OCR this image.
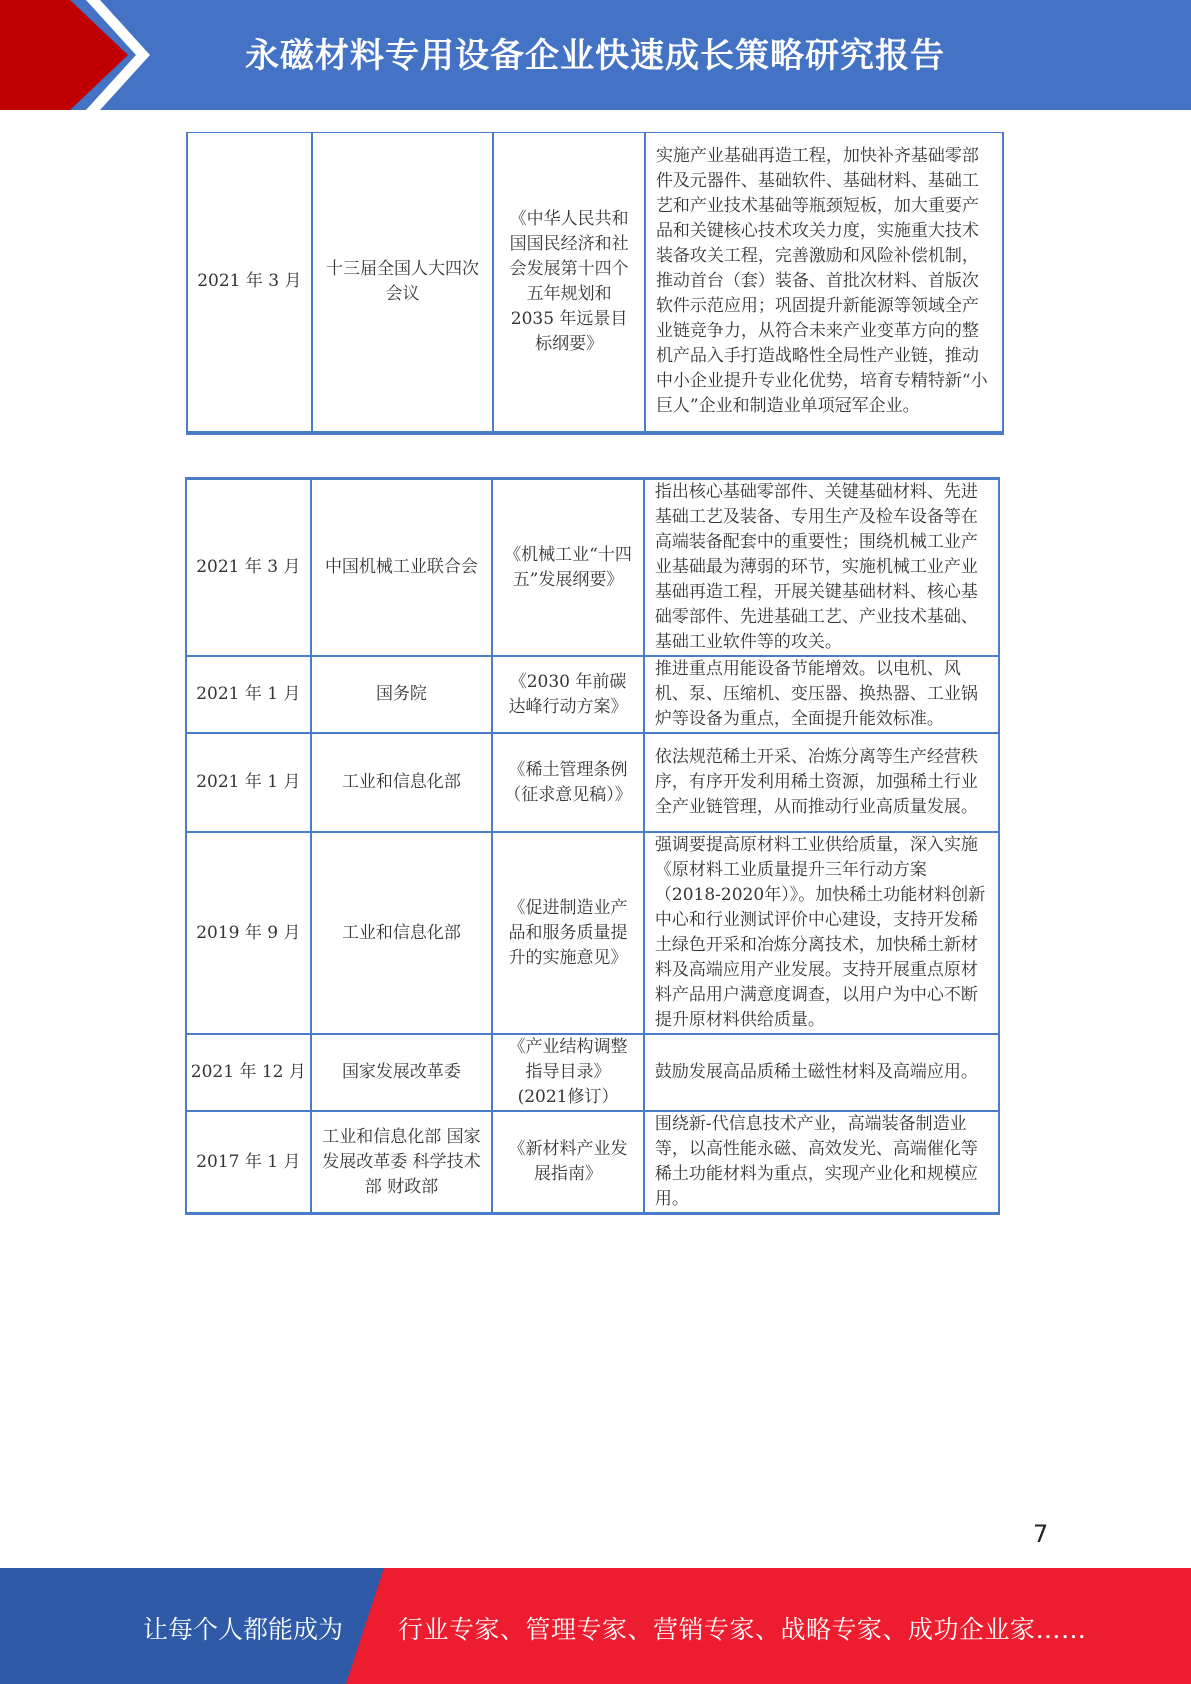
永磁材料专用设备企业快速成长策略研究报告
2021 年 3 月	十三届全国人大四次会议	《中华人民共和国国民经济和社会发展第十四个五年规划和 2035 年远景目标纲要》	实施产业基础再造工程，加快补齐基础零部件及元器件、基础软件、基础材料、基础工艺和产业技术基础等瓶颈短板，加大重要产品和关键核心技术攻关力度，实施重大技术装备攻关工程，完善激励和风险补偿机制，推动首台（套）装备、首批次材料、首版次软件示范应用；巩固提升新能源等领域全产业链竞争力，从符合未来产业变革方向的整机产品入手打造战略性全局性产业链，推动中小企业提升专业化优势，培育专精特新“小巨人”企业和制造业单项冠军企业。
2021 年 3 月	中国机械工业联合会	《机械工业“十四五”发展纲要》	指出核心基础零部件、关键基础材料、先进基础工艺及装备、专用生产及检车设备等在高端装备配套中的重要性；围绕机械工业产业基础最为薄弱的环节，实施机械工业产业基础再造工程，开展关键基础材料、核心基础零部件、先进基础工艺、产业技术基础、基础工业软件等的攻关。
2021 年 1 月	国务院	《2030 年前碳达峰行动方案》	推进重点用能设备节能增效。以电机、风机、泵、压缩机、变压器、换热器、工业锅炉等设备为重点，全面提升能效标准。
2021 年 1 月	工业和信息化部	《稀土管理条例（征求意见稿）》	依法规范稀土开采、冶炼分离等生产经营秩序，有序开发利用稀土资源，加强稀土行业全产业链管理，从而推动行业高质量发展。
2019 年 9 月	工业和信息化部	《促进制造业产品和服务质量提升的实施意见》	强调要提高原材料工业供给质量，深入实施《原材料工业质量提升三年行动方案（2018-2020年）》。加快稀土功能材料创新中心和行业测试评价中心建设，支持开发稀土绿色开采和冶炼分离技术，加快稀土新材料及高端应用产业发展。支持开展重点原材料产品用户满意度调查，以用户为中心不断提升原材料供给质量。
2021 年 12 月	国家发展改革委	《产业结构调整指导目录》(2021修订）	鼓励发展高品质稀土磁性材料及高端应用。
2017 年 1 月	工业和信息化部 国家发展改革委 科学技术部 财政部	《新材料产业发展指南》	围绕新-代信息技术产业，高端装备制造业等，以高性能永磁、高效发光、高端催化等稀土功能材料为重点，实现产业化和规模应用。
7
让每个人都能成为 行业专家、管理专家、营销专家、战略专家、成功企业家……
